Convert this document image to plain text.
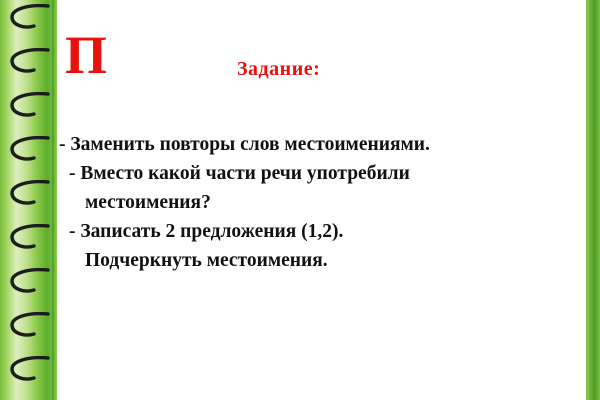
П	Задание:
- Заменить повторы слов местоимениями.
- Вместо какой части речи употребили
местоимения?
- Записать 2 предложения (1,2).
Подчеркнуть местоимения.
